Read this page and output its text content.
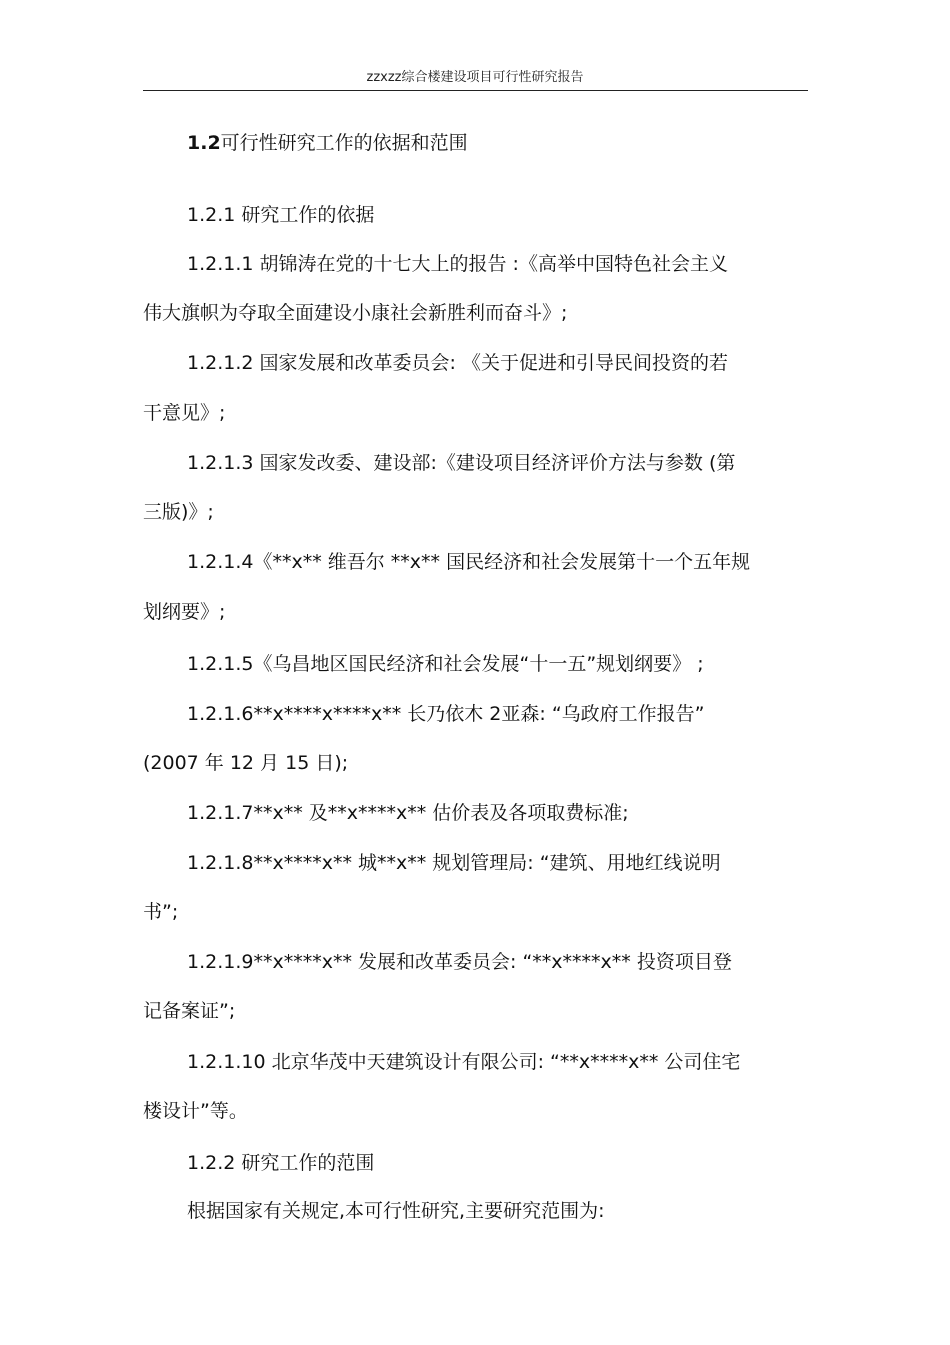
zzxzz综合楼建设项目可行性研究报告
1.2可行性研究工作的依据和范围
1.2.1 研究工作的依据
1.2.1.1 胡锦涛在党的十七大上的报告 :《高举中国特色社会主义
伟大旗帜为夺取全面建设小康社会新胜利而奋斗》;
1.2.1.2 国家发展和改革委员会: 《关于促进和引导民间投资的若
干意见》;
1.2.1.3 国家发改委、建设部:《建设项目经济评价方法与参数 (第
三版)》;
1.2.1.4《**x** 维吾尔 **x** 国民经济和社会发展第十一个五年规
划纲要》;
1.2.1.5《乌昌地区国民经济和社会发展“十一五”规划纲要》 ;
1.2.1.6**x****x****x** 长乃依木 2亚森: “乌政府工作报告”
(2007 年 12 月 15 日);
1.2.1.7**x** 及**x****x** 估价表及各项取费标准;
1.2.1.8**x****x** 城**x** 规划管理局: “建筑、用地红线说明
书”;
1.2.1.9**x****x** 发展和改革委员会: “**x****x** 投资项目登
记备案证”;
1.2.1.10 北京华茂中天建筑设计有限公司: “**x****x** 公司住宅
楼设计”等。
1.2.2 研究工作的范围
根据国家有关规定,本可行性研究,主要研究范围为:
